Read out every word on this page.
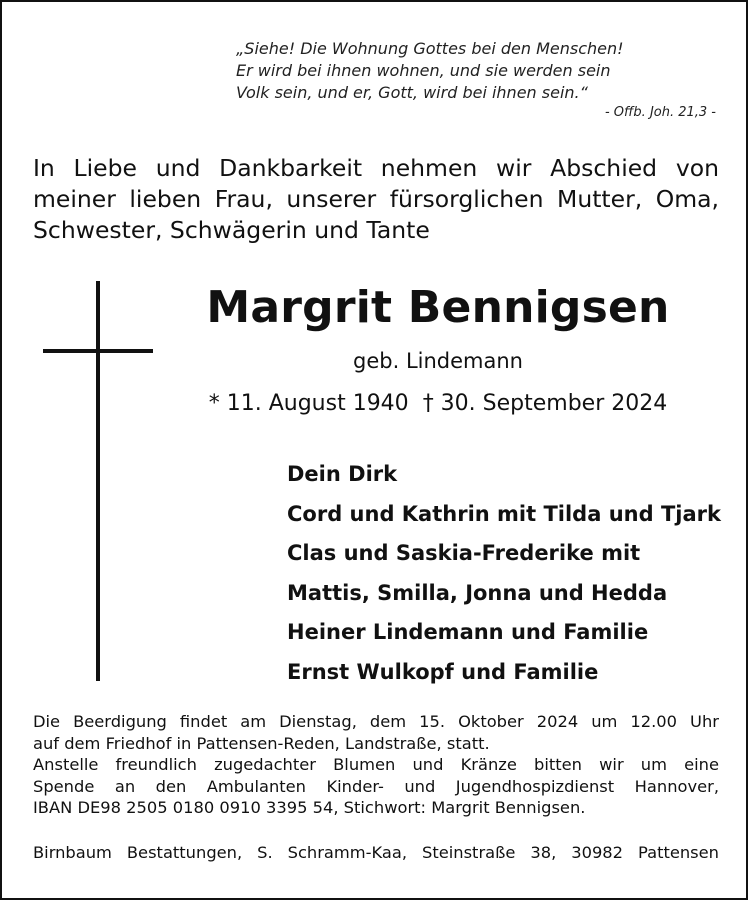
„Siehe! Die Wohnung Gottes bei den Menschen!
Er wird bei ihnen wohnen, und sie werden sein
Volk sein, und er, Gott, wird bei ihnen sein.“
- Offb. Joh. 21,3 -
In Liebe und Dankbarkeit nehmen wir Abschied von
meiner lieben Frau, unserer fürsorglichen Mutter, Oma,
Schwester, Schwägerin und Tante
Margrit Bennigsen
geb. Lindemann
* 11. August 1940 † 30. September 2024
Dein Dirk
Cord und Kathrin mit Tilda und Tjark
Clas und Saskia-Frederike mit
Mattis, Smilla, Jonna und Hedda
Heiner Lindemann und Familie
Ernst Wulkopf und Familie
Die Beerdigung findet am Dienstag, dem 15. Oktober 2024 um 12.00 Uhr
auf dem Friedhof in Pattensen-Reden, Landstraße, statt.
Anstelle freundlich zugedachter Blumen und Kränze bitten wir um eine
Spende an den Ambulanten Kinder- und Jugendhospizdienst Hannover,
IBAN DE98 2505 0180 0910 3395 54, Stichwort: Margrit Bennigsen.
Birnbaum Bestattungen, S. Schramm-Kaa, Steinstraße 38, 30982 Pattensen
